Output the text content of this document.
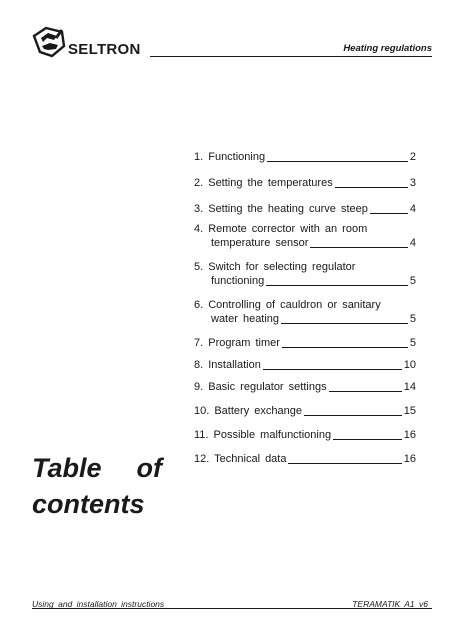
SELTRON	Heating regulations
1. Functioning	2
2. Setting the temperatures	3
3. Setting the heating curve steep	4
4. Remote corrector with an room
temperature sensor	4
5. Switch for selecting regulator
functioning	5
6. Controlling of cauldron or sanitary
water heating	5
7. Program timer	5
8. Installation	10
9. Basic regulator settings	14
10. Battery exchange	15
11. Possible malfunctioning	16
12. Technical data	16
Table of
contents
Using and installation instructions	TERAMATIK A1 v6
